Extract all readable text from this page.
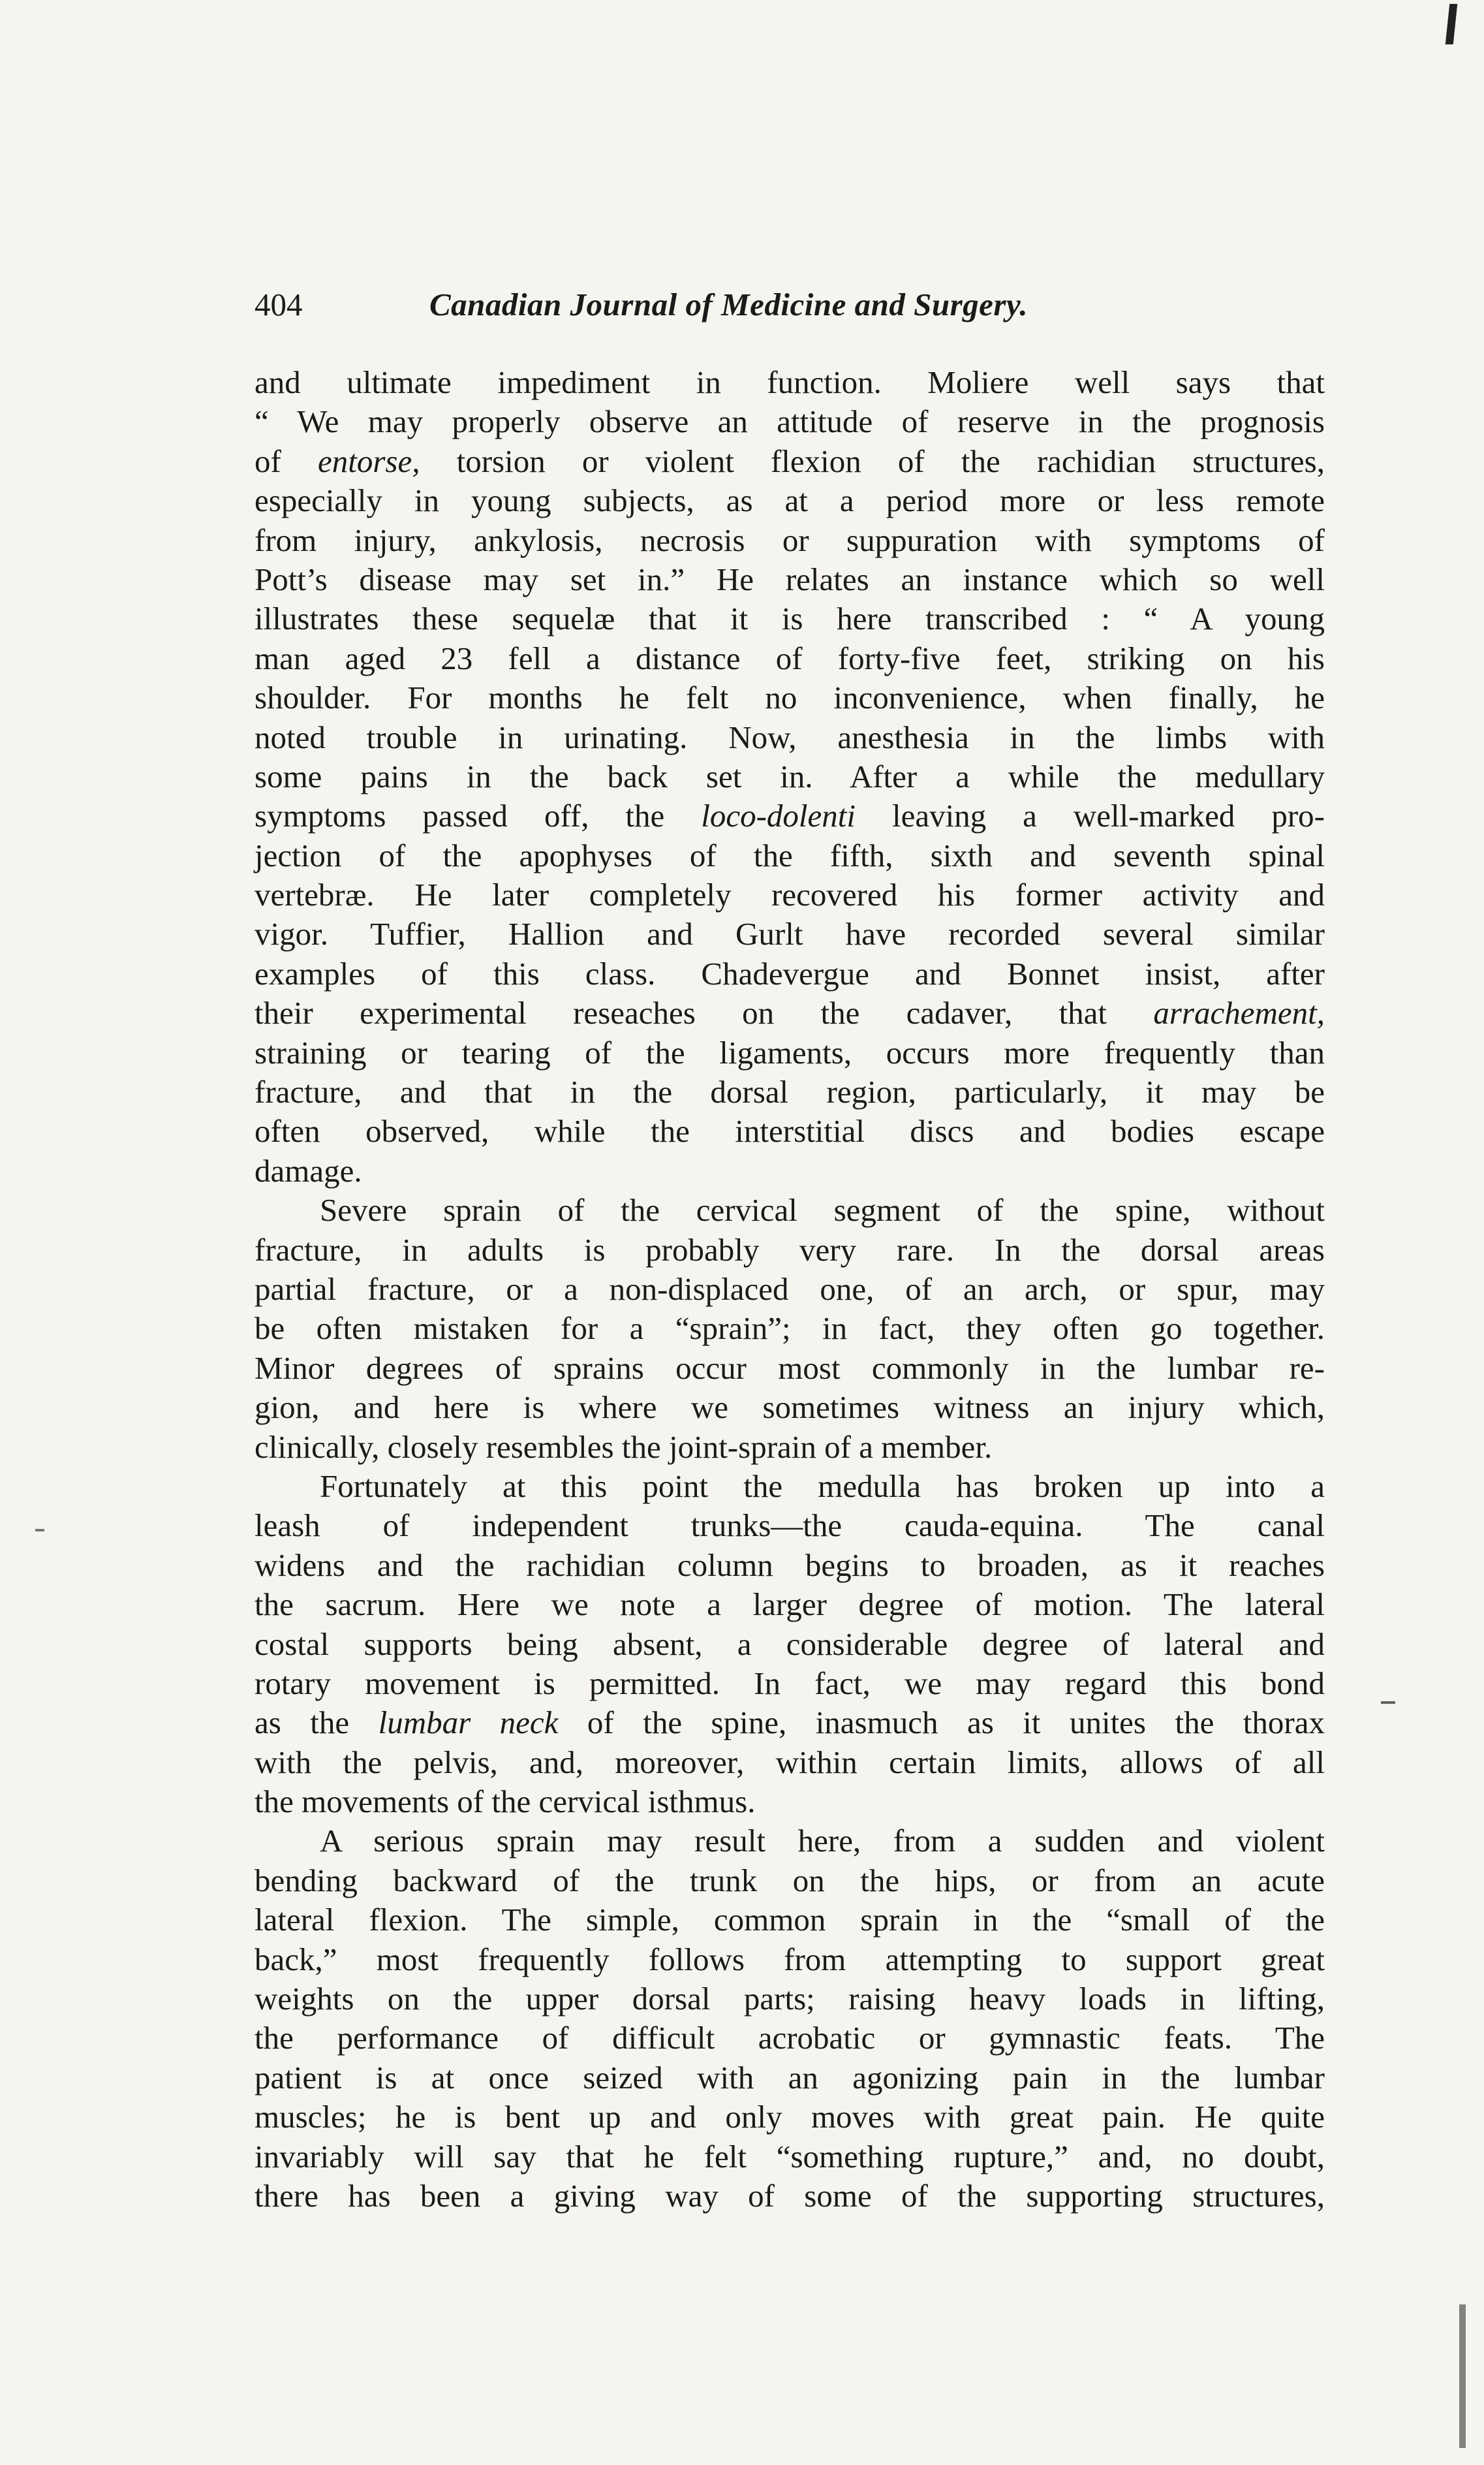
404	Canadian Journal of Medicine and Surgery.

and ultimate impediment in function. Moliere well says that
“ We may properly observe an attitude of reserve in the prognosis
of entorse, torsion or violent flexion of the rachidian structures,
especially in young subjects, as at a period more or less remote
from injury, ankylosis, necrosis or suppuration with symptoms of
Pott’s disease may set in.” He relates an instance which so well
illustrates these sequelæ that it is here transcribed : “ A young
man aged 23 fell a distance of forty-five feet, striking on his
shoulder. For months he felt no inconvenience, when finally, he
noted trouble in urinating. Now, anesthesia in the limbs with
some pains in the back set in. After a while the medullary
symptoms passed off, the loco-dolenti leaving a well-marked pro-
jection of the apophyses of the fifth, sixth and seventh spinal
vertebræ. He later completely recovered his former activity and
vigor. Tuffier, Hallion and Gurlt have recorded several similar
examples of this class. Chadevergue and Bonnet insist, after
their experimental reseaches on the cadaver, that arrachement,
straining or tearing of the ligaments, occurs more frequently than
fracture, and that in the dorsal region, particularly, it may be
often observed, while the interstitial discs and bodies escape
damage.

Severe sprain of the cervical segment of the spine, without
fracture, in adults is probably very rare. In the dorsal areas
partial fracture, or a non-displaced one, of an arch, or spur, may
be often mistaken for a “sprain”; in fact, they often go together.
Minor degrees of sprains occur most commonly in the lumbar re-
gion, and here is where we sometimes witness an injury which,
clinically, closely resembles the joint-sprain of a member.

Fortunately at this point the medulla has broken up into a
leash of independent trunks—the cauda-equina. The canal
widens and the rachidian column begins to broaden, as it reaches
the sacrum. Here we note a larger degree of motion. The lateral
costal supports being absent, a considerable degree of lateral and
rotary movement is permitted. In fact, we may regard this bond
as the lumbar neck of the spine, inasmuch as it unites the thorax
with the pelvis, and, moreover, within certain limits, allows of all
the movements of the cervical isthmus.

A serious sprain may result here, from a sudden and violent
bending backward of the trunk on the hips, or from an acute
lateral flexion. The simple, common sprain in the “small of the
back,” most frequently follows from attempting to support great
weights on the upper dorsal parts; raising heavy loads in lifting,
the performance of difficult acrobatic or gymnastic feats. The
patient is at once seized with an agonizing pain in the lumbar
muscles; he is bent up and only moves with great pain. He quite
invariably will say that he felt “something rupture,” and, no doubt,
there has been a giving way of some of the supporting structures,
